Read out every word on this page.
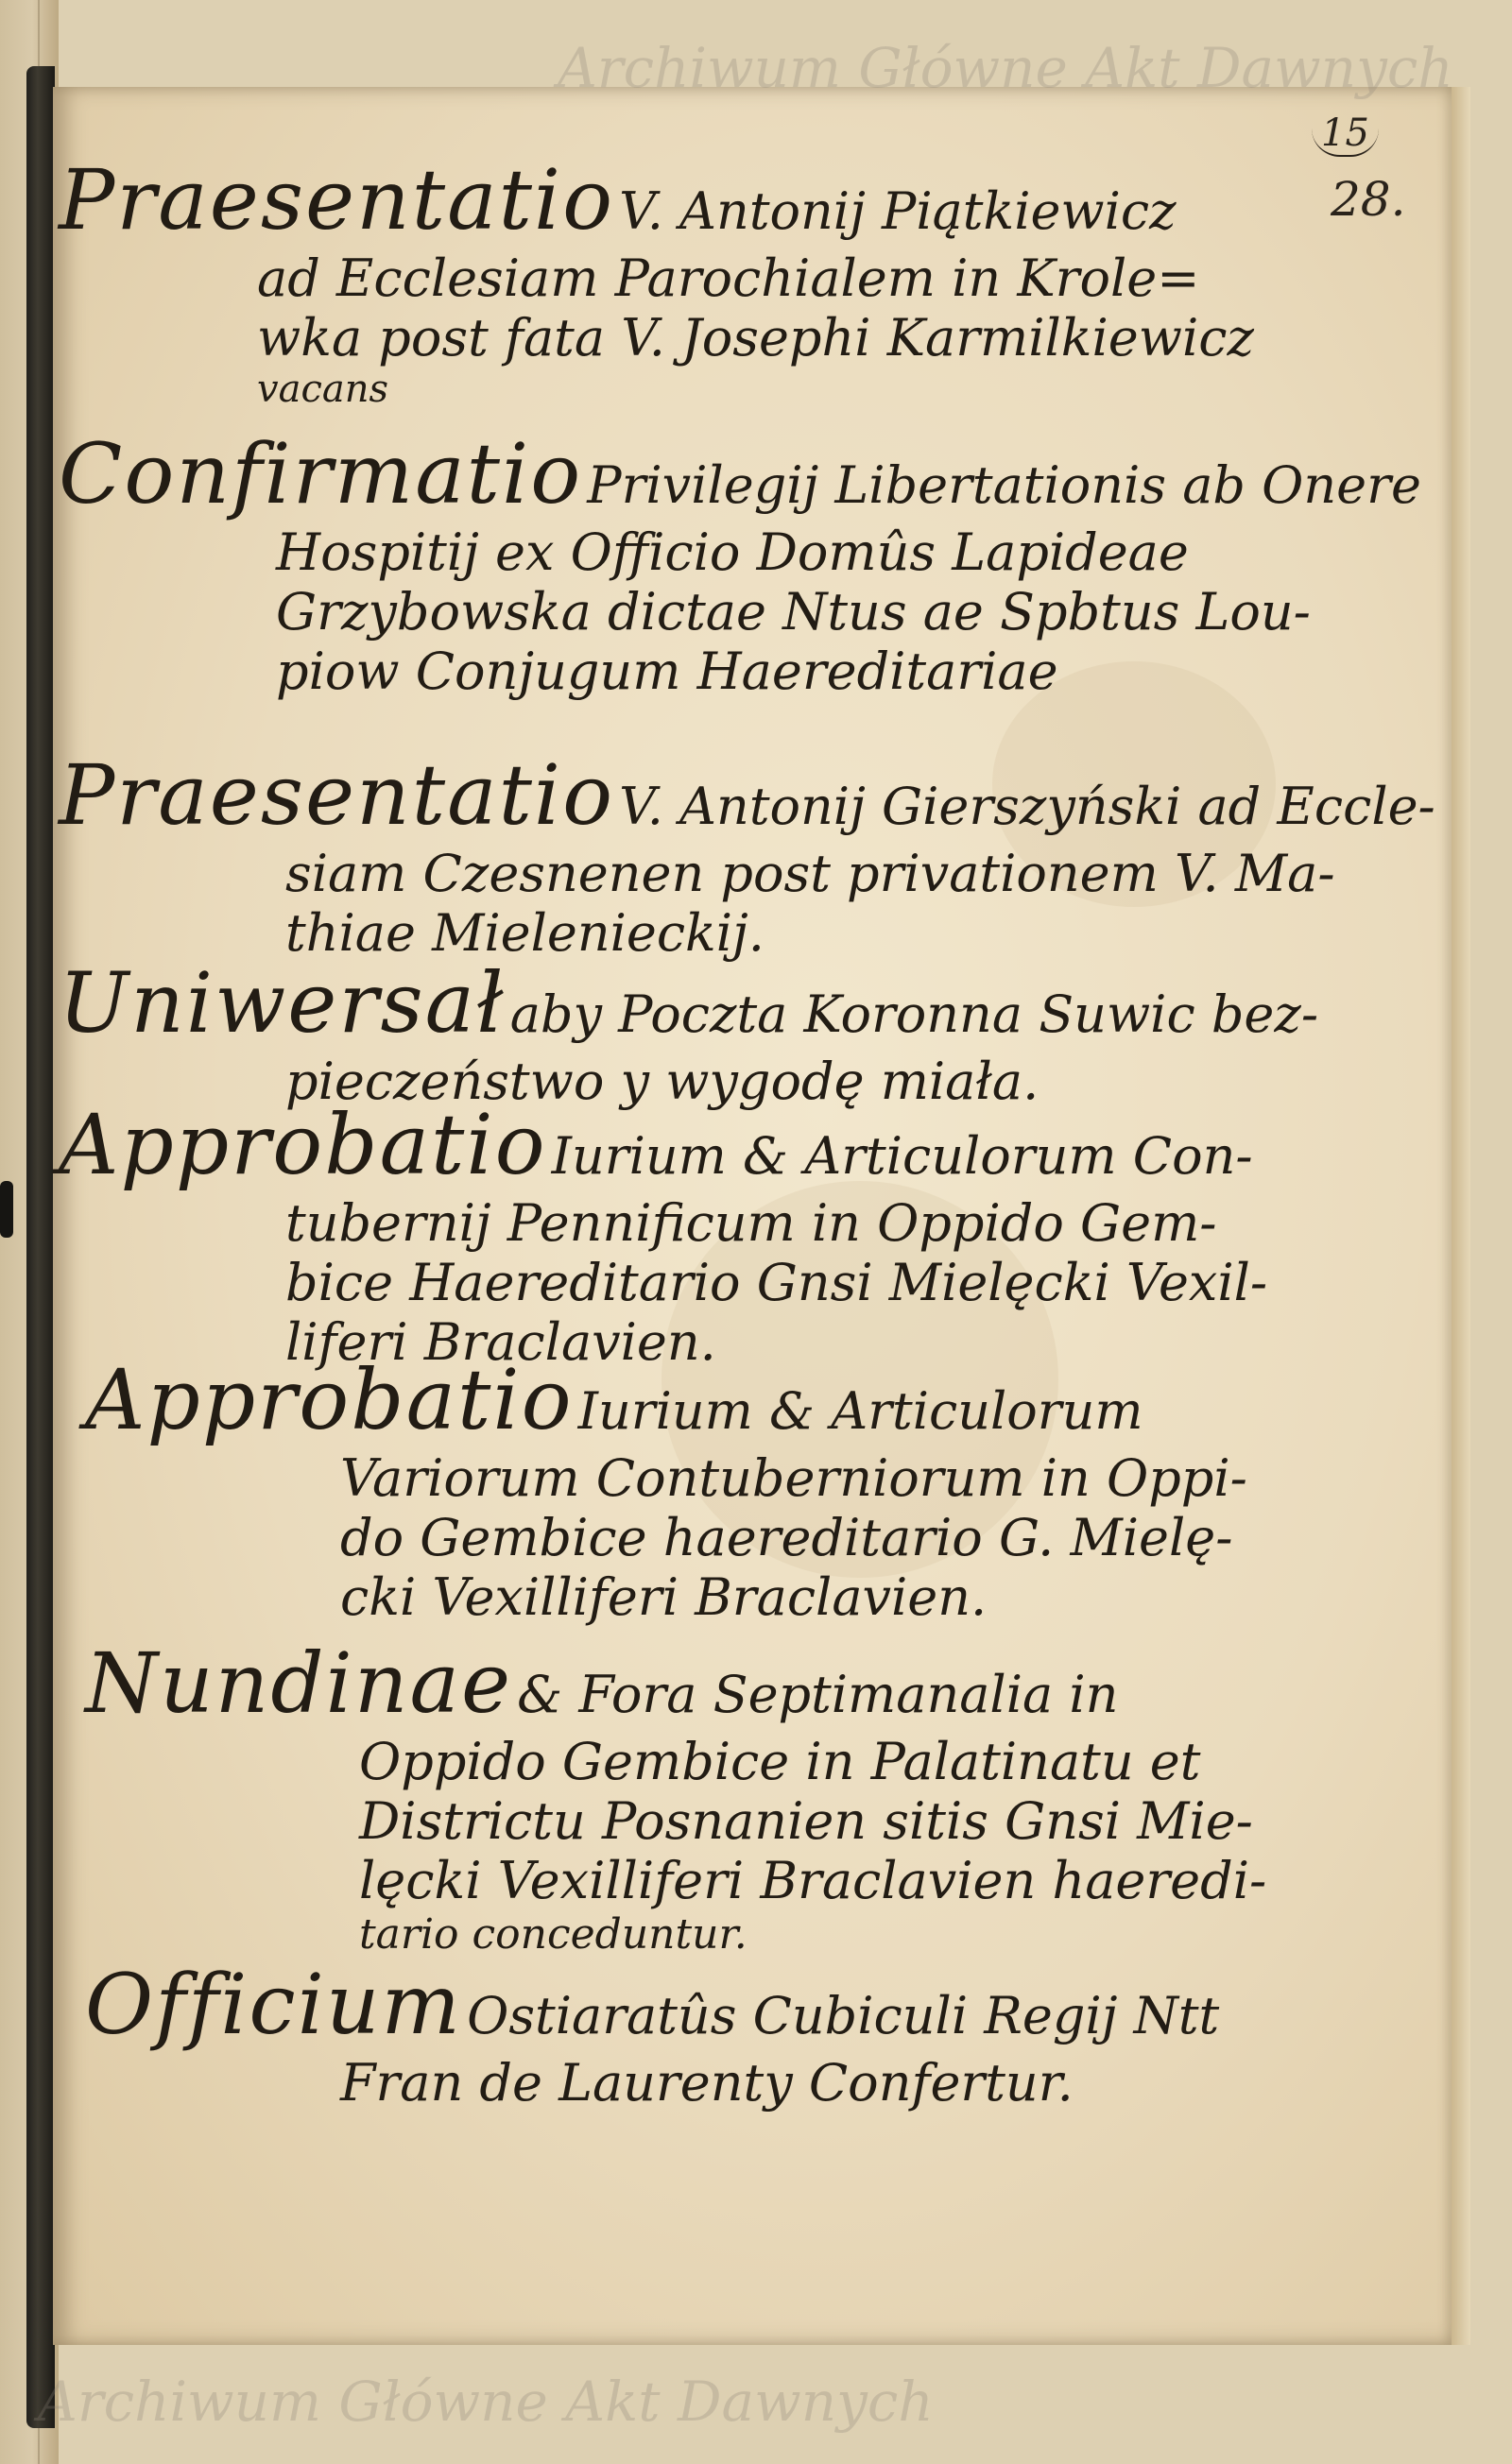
Archiwum Główne Akt Dawnych
Archiwum Główne Akt Dawnych
15
28.
Praesentatio V. Antonij Piątkiewicz
ad Ecclesiam Parochialem in Krole=
wka post fata V. Josephi Karmilkiewicz
vacans
Confirmatio Privilegij Libertationis ab Onere
Hospitij ex Officio Domûs Lapideae
Grzybowska dictae Ntus ae Spbtus Lou-
piow Conjugum Haereditariae
Praesentatio V. Antonij Gierszyński ad Eccle-
siam Czesnenen post privationem V. Ma-
thiae Mielenieckij.
Uniwersał aby Poczta Koronna Suwic bez-
pieczeństwo y wygodę miała.
Approbatio Iurium & Articulorum Con-
tubernij Pennificum in Oppido Gem-
bice Haereditario Gnsi Mielęcki Vexil-
liferi Braclavien.
Approbatio Iurium & Articulorum
Variorum Contuberniorum in Oppi-
do Gembice haereditario G. Mielę-
cki Vexilliferi Braclavien.
Nundinae & Fora Septimanalia in
Oppido Gembice in Palatinatu et
Districtu Posnanien sitis Gnsi Mie-
lęcki Vexilliferi Braclavien haeredi-
tario conceduntur.
Officium Ostiaratûs Cubiculi Regij Ntt
Fran de Laurenty Confertur.
